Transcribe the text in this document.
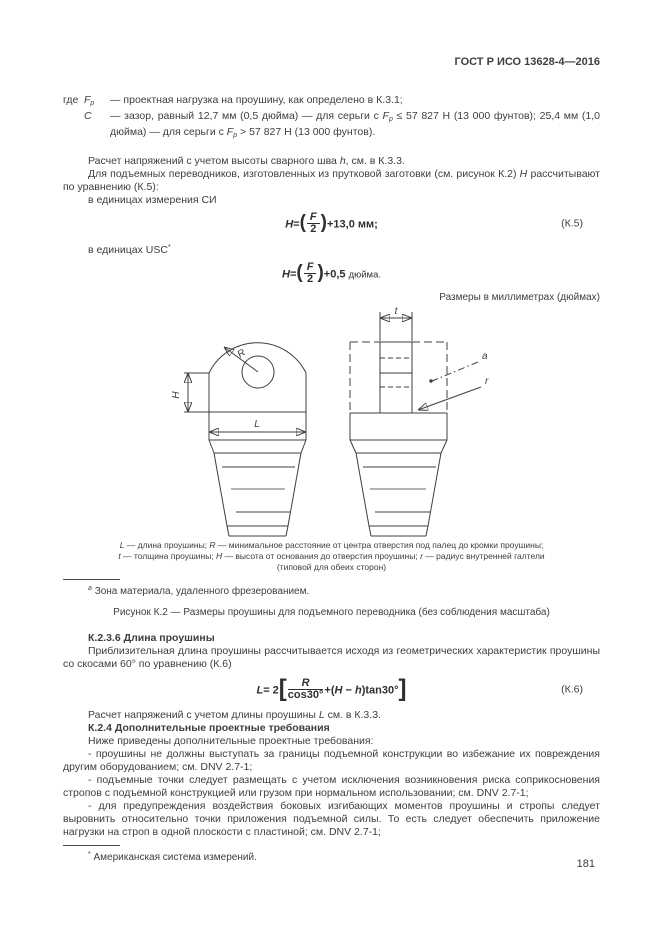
ГОСТ Р ИСО 13628-4—2016
где Fp	— проектная нагрузка на проушину, как определено в К.3.1;
C	— зазор, равный 12,7 мм (0,5 дюйма) — для серьги с Fp ≤ 57 827 Н (13 000 фунтов); 25,4 мм (1,0 дюйма) — для серьги с Fp > 57 827 Н (13 000 фунтов).

Расчет напряжений с учетом высоты сварного шва h, см. в К.3.3.

Для подъемных переводников, изготовленных из прутковой заготовки (см. рисунок К.2) H рассчитывают по уравнению (К.5):

в единицах измерения СИ

$H=( \frac{F}{2} )+13,0$ мм;	(К.5)

в единицах USC*

$H=( \frac{F}{2} )+0,5$ дюйма.

Размеры в миллиметрах (дюймах)

R
H
L
t
a
r

L — длина проушины; R — минимальное расстояние от центра отверстия под палец до кромки проушины;

t — толщина проушины; H — высота от основания до отверстия проушины; r — радиус внутренней галтели

(типовой для обеих сторон)

$^a$ Зона материала, удаленного фрезерованием.
Рисунок К.2 — Размеры проушины для подъемного переводника (без соблюдения масштаба)

К.2.3.6 Длина проушины

Приблизительная длина проушины рассчитывается исходя из геометрических характеристик проушины со скосами 60° по уравнению (К.6)

$L= 2[ \frac{R}{\cos 30^\circ} +(H - h)\tan 30^\circ]$	(К.6)

Расчет напряжений с учетом длины проушины L см. в К.3.3.

К.2.4 Дополнительные проектные требования

Ниже приведены дополнительные проектные требования:

- проушины не должны выступать за границы подъемной конструкции во избежание их повреждения другим оборудованием; см. DNV 2.7-1;

- подъемные точки следует размещать с учетом исключения возникновения риска соприкосновения стропов с подъемной конструкцией или грузом при нормальном использовании; см. DNV 2.7-1;

- для предупреждения воздействия боковых изгибающих моментов проушины и стропы следует выровнить относительно точки приложения подъемной силы. То есть следует обеспечить приложение нагрузки на строп в одной плоскости с пластиной; см. DNV 2.7-1;

* Американская система измерений.
181
